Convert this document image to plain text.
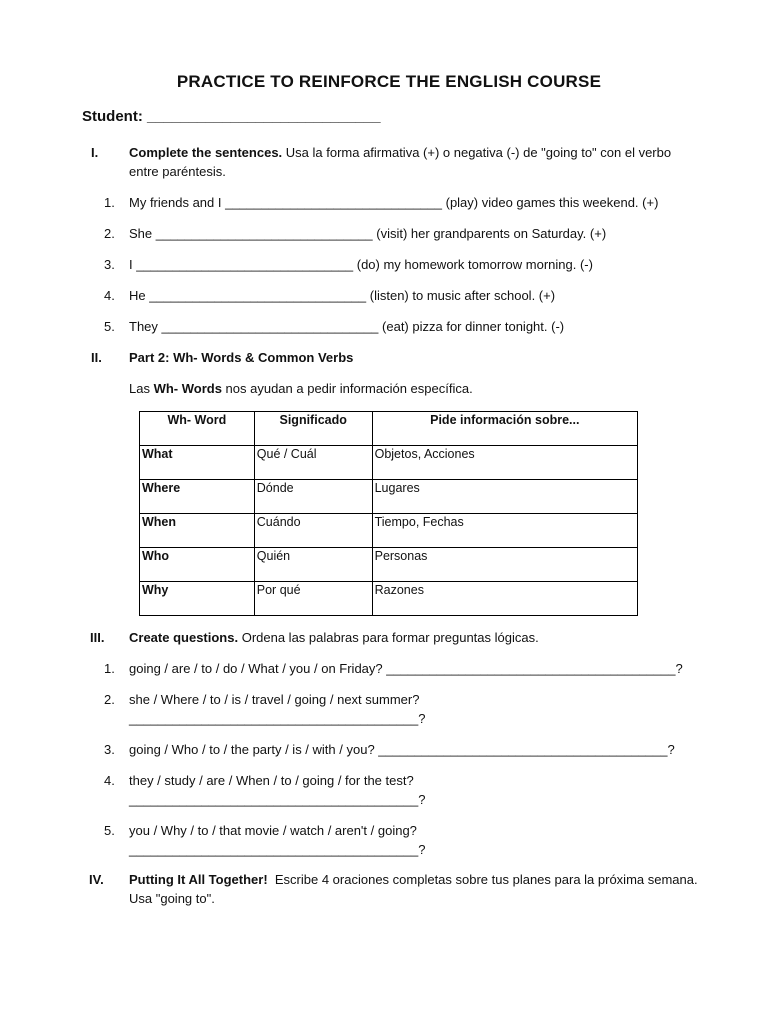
PRACTICE TO REINFORCE THE ENGLISH COURSE
Student: ____________________________
I. Complete the sentences. Usa la forma afirmativa (+) o negativa (-) de "going to" con el verbo
entre paréntesis.
1. My friends and I ______________________________ (play) video games this weekend. (+)
2. She ______________________________ (visit) her grandparents on Saturday. (+)
3. I ______________________________ (do) my homework tomorrow morning. (-)
4. He ______________________________ (listen) to music after school. (+)
5. They ______________________________ (eat) pizza for dinner tonight. (-)
II. Part 2: Wh- Words & Common Verbs
Las Wh- Words nos ayudan a pedir información específica.
Wh- Word	Significado	Pide información sobre...
What	Qué / Cuál	Objetos, Acciones
Where	Dónde	Lugares
When	Cuándo	Tiempo, Fechas
Who	Quién	Personas
Why	Por qué	Razones
III. Create questions. Ordena las palabras para formar preguntas lógicas.
1. going / are / to / do / What / you / on Friday? ________________________________________?
2. she / Where / to / is / travel / going / next summer?
________________________________________?
3. going / Who / to / the party / is / with / you? ________________________________________?
4. they / study / are / When / to / going / for the test?
________________________________________?
5. you / Why / to / that movie / watch / aren't / going?
________________________________________?
IV. Putting It All Together!  Escribe 4 oraciones completas sobre tus planes para la próxima semana.
Usa "going to".
